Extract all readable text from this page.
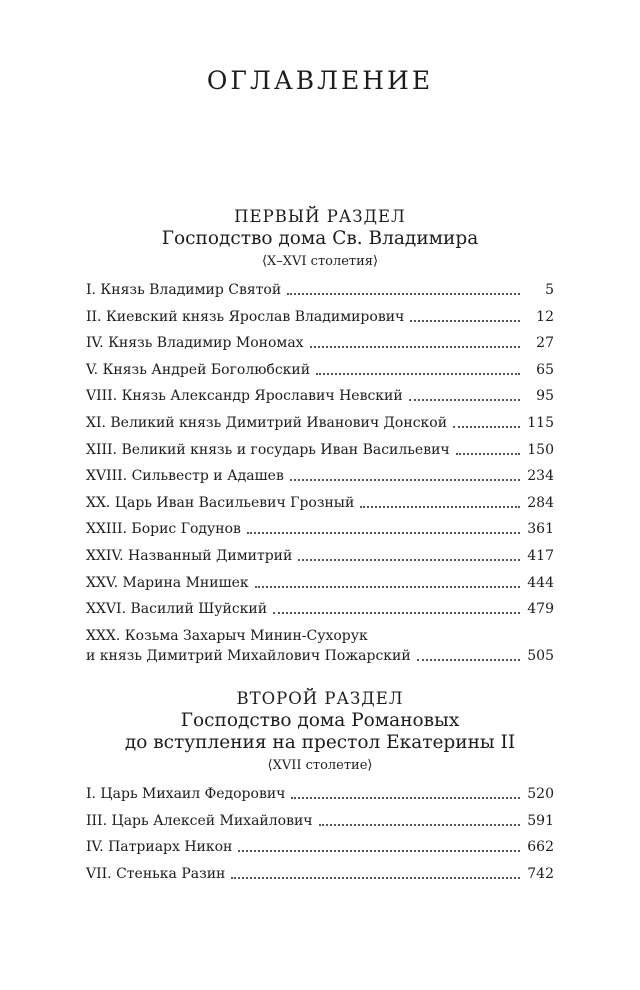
ОГЛАВЛЕНИЕ
ПЕРВЫЙ РАЗДЕЛ
Господство дома Св. Владимира
⟨X–XVI столетия⟩
I. Князь Владимир Святой	5
II. Киевский князь Ярослав Владимирович	12
IV. Князь Владимир Мономах	27
V. Князь Андрей Боголюбский	65
VIII. Князь Александр Ярославич Невский	95
XI. Великий князь Димитрий Иванович Донской	115
XIII. Великий князь и государь Иван Васильевич	150
XVIII. Сильвестр и Адашев	234
XX. Царь Иван Васильевич Грозный	284
XXIII. Борис Годунов	361
XXIV. Названный Димитрий	417
XXV. Марина Мнишек	444
XXVI. Василий Шуйский	479
XXX. Козьма Захарыч Минин-Сухорук
и князь Димитрий Михайлович Пожарский	505
ВТОРОЙ РАЗДЕЛ
Господство дома Романовых
до вступления на престол Екатерины II
⟨XVII столетие⟩
I. Царь Михаил Федорович	520
III. Царь Алексей Михайлович	591
IV. Патриарх Никон	662
VII. Стенька Разин	742
